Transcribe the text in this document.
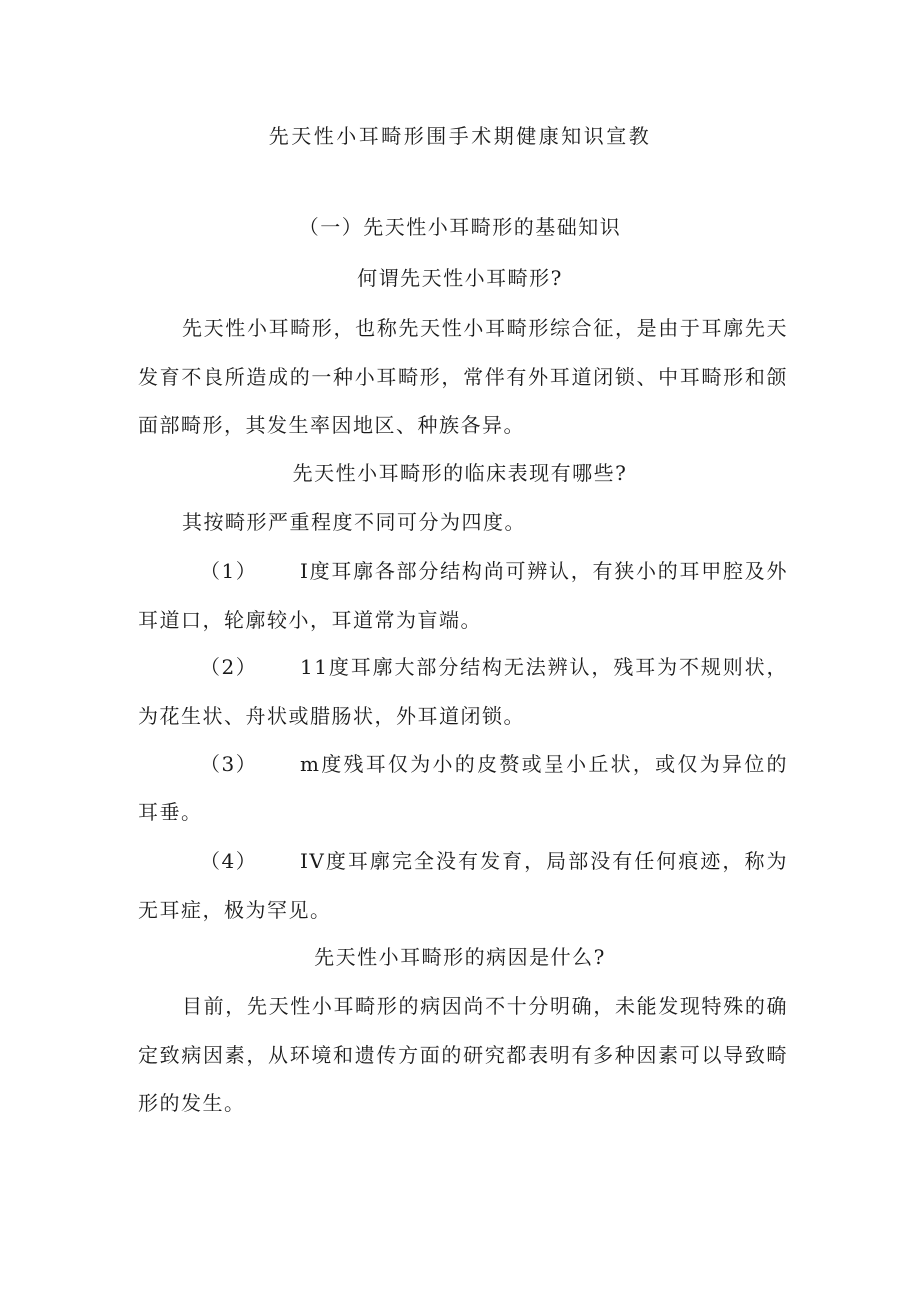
先天性小耳畸形围手术期健康知识宣教
（一）先天性小耳畸形的基础知识
何谓先天性小耳畸形?
先天性小耳畸形，也称先天性小耳畸形综合征，是由于耳廓先天
发育不良所造成的一种小耳畸形，常伴有外耳道闭锁、中耳畸形和颌
面部畸形，其发生率因地区、种族各异。
先天性小耳畸形的临床表现有哪些?
其按畸形严重程度不同可分为四度。
（1） I度耳廓各部分结构尚可辨认，有狭小的耳甲腔及外
耳道口，轮廓较小，耳道常为盲端。
（2） 11度耳廓大部分结构无法辨认，残耳为不规则状，
为花生状、舟状或腊肠状，外耳道闭锁。
（3） m度残耳仅为小的皮赘或呈小丘状，或仅为异位的
耳垂。
（4） IV度耳廓完全没有发育，局部没有任何痕迹，称为
无耳症，极为罕见。
先天性小耳畸形的病因是什么?
目前，先天性小耳畸形的病因尚不十分明确，未能发现特殊的确
定致病因素，从环境和遗传方面的研究都表明有多种因素可以导致畸
形的发生。
